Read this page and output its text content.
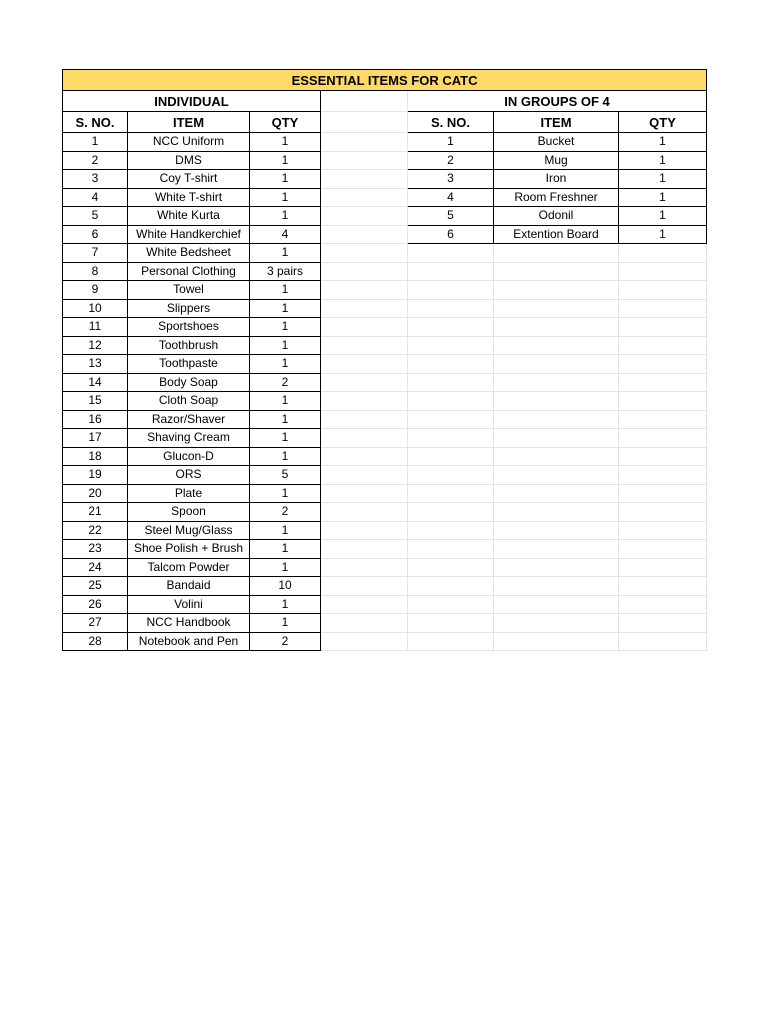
ESSENTIAL ITEMS FOR CATC						
INDIVIDUAL				IN GROUPS OF 4		
S. NO.	ITEM	QTY		S. NO.	ITEM	QTY
1	NCC Uniform	1		1	Bucket	1
2	DMS	1		2	Mug	1
3	Coy T-shirt	1		3	Iron	1
4	White T-shirt	1		4	Room Freshner	1
5	White Kurta	1		5	Odonil	1
6	White Handkerchief	4		6	Extention Board	1
7	White Bedsheet	1				
8	Personal Clothing	3 pairs				
9	Towel	1				
10	Slippers	1				
11	Sportshoes	1				
12	Toothbrush	1				
13	Toothpaste	1				
14	Body Soap	2				
15	Cloth Soap	1				
16	Razor/Shaver	1				
17	Shaving Cream	1				
18	Glucon-D	1				
19	ORS	5				
20	Plate	1				
21	Spoon	2				
22	Steel Mug/Glass	1				
23	Shoe Polish + Brush	1				
24	Talcom Powder	1				
25	Bandaid	10				
26	Volini	1				
27	NCC Handbook	1				
28	Notebook and Pen	2				
